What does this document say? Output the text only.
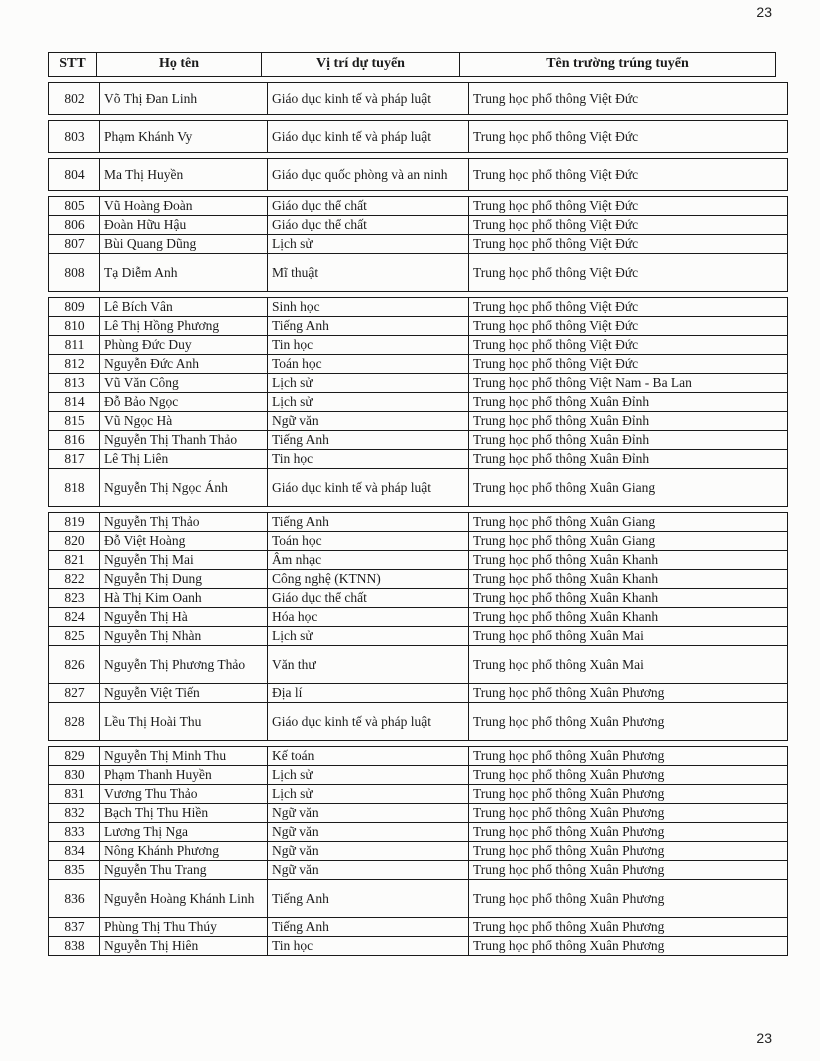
23
STT	Họ tên	Vị trí dự tuyển	Tên trường trúng tuyển
802	Võ Thị Đan Linh	Giáo dục kinh tế và pháp luật	Trung học phổ thông Việt Đức
803	Phạm Khánh Vy	Giáo dục kinh tế và pháp luật	Trung học phổ thông Việt Đức
804	Ma Thị Huyền	Giáo dục quốc phòng và an ninh	Trung học phổ thông Việt Đức
805	Vũ Hoàng Đoàn	Giáo dục thể chất	Trung học phổ thông Việt Đức
806	Đoàn Hữu Hậu	Giáo dục thể chất	Trung học phổ thông Việt Đức
807	Bùi Quang Dũng	Lịch sử	Trung học phổ thông Việt Đức
808	Tạ Diễm Anh	Mĩ thuật	Trung học phổ thông Việt Đức
809	Lê Bích Vân	Sinh học	Trung học phổ thông Việt Đức
810	Lê Thị Hồng Phương	Tiếng Anh	Trung học phổ thông Việt Đức
811	Phùng Đức Duy	Tin học	Trung học phổ thông Việt Đức
812	Nguyễn Đức Anh	Toán học	Trung học phổ thông Việt Đức
813	Vũ Văn Công	Lịch sử	Trung học phổ thông Việt Nam - Ba Lan
814	Đỗ Bảo Ngọc	Lịch sử	Trung học phổ thông Xuân Đỉnh
815	Vũ Ngọc Hà	Ngữ văn	Trung học phổ thông Xuân Đỉnh
816	Nguyễn Thị Thanh Thảo	Tiếng Anh	Trung học phổ thông Xuân Đỉnh
817	Lê Thị Liên	Tin học	Trung học phổ thông Xuân Đỉnh
818	Nguyễn Thị Ngọc Ánh	Giáo dục kinh tế và pháp luật	Trung học phổ thông Xuân Giang
819	Nguyễn Thị Thảo	Tiếng Anh	Trung học phổ thông Xuân Giang
820	Đỗ Việt Hoàng	Toán học	Trung học phổ thông Xuân Giang
821	Nguyễn Thị Mai	Âm nhạc	Trung học phổ thông Xuân Khanh
822	Nguyễn Thị Dung	Công nghệ (KTNN)	Trung học phổ thông Xuân Khanh
823	Hà Thị Kim Oanh	Giáo dục thể chất	Trung học phổ thông Xuân Khanh
824	Nguyễn Thị Hà	Hóa học	Trung học phổ thông Xuân Khanh
825	Nguyễn Thị Nhàn	Lịch sử	Trung học phổ thông Xuân Mai
826	Nguyễn Thị Phương Thảo	Văn thư	Trung học phổ thông Xuân Mai
827	Nguyễn Việt Tiến	Địa lí	Trung học phổ thông Xuân Phương
828	Lều Thị Hoài Thu	Giáo dục kinh tế và pháp luật	Trung học phổ thông Xuân Phương
829	Nguyễn Thị Minh Thu	Kế toán	Trung học phổ thông Xuân Phương
830	Phạm Thanh Huyền	Lịch sử	Trung học phổ thông Xuân Phương
831	Vương Thu Thảo	Lịch sử	Trung học phổ thông Xuân Phương
832	Bạch Thị Thu Hiền	Ngữ văn	Trung học phổ thông Xuân Phương
833	Lương Thị Nga	Ngữ văn	Trung học phổ thông Xuân Phương
834	Nông Khánh Phương	Ngữ văn	Trung học phổ thông Xuân Phương
835	Nguyễn Thu Trang	Ngữ văn	Trung học phổ thông Xuân Phương
836	Nguyễn Hoàng Khánh Linh	Tiếng Anh	Trung học phổ thông Xuân Phương
837	Phùng Thị Thu Thúy	Tiếng Anh	Trung học phổ thông Xuân Phương
838	Nguyễn Thị Hiên	Tin học	Trung học phổ thông Xuân Phương
23
